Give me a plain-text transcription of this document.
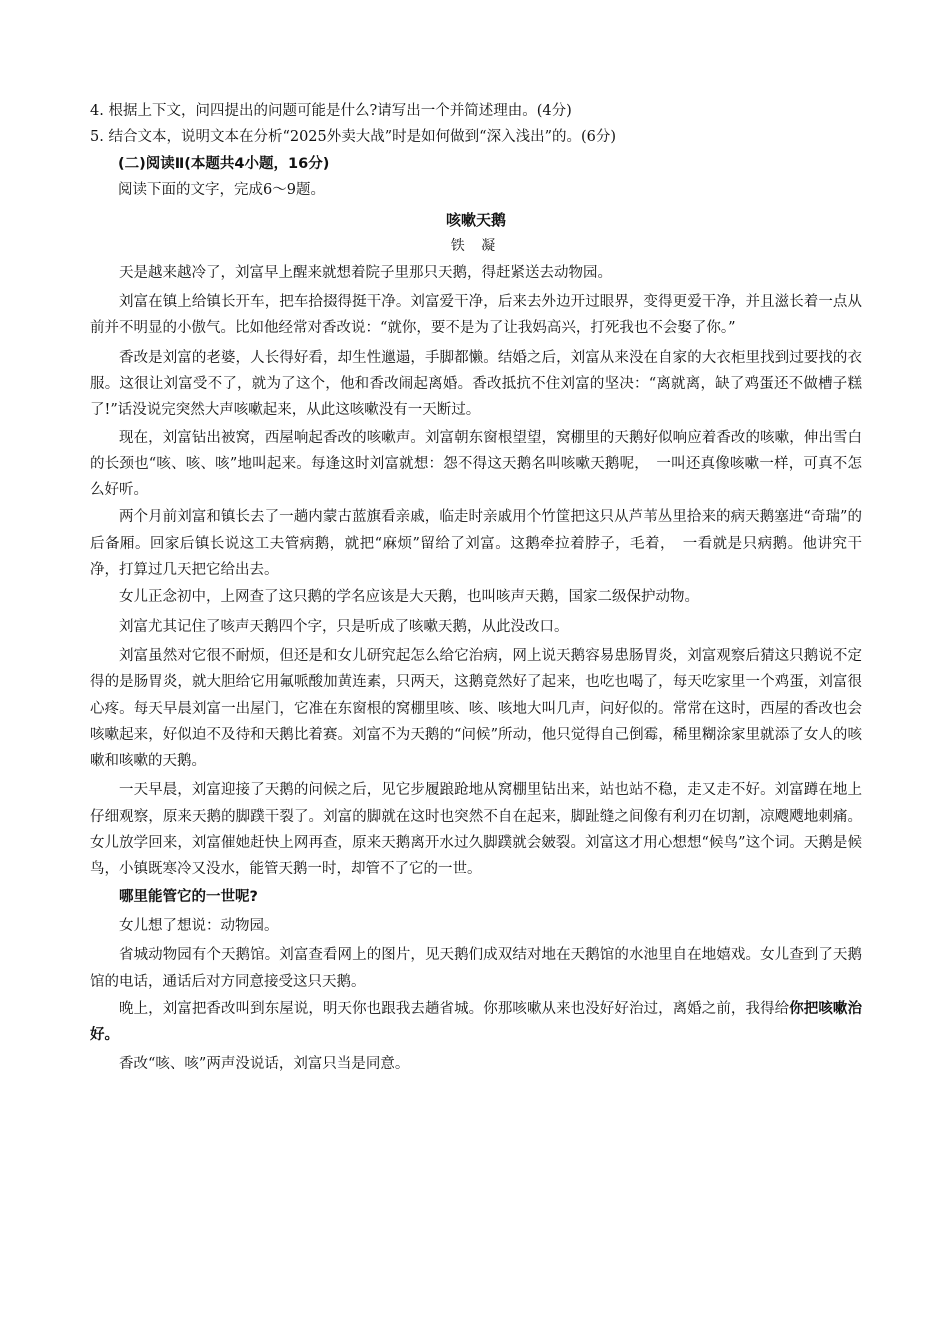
4. 根据上下文，问四提出的问题可能是什么?请写出一个并简述理由。(4分)

5. 结合文本，说明文本在分析“2025外卖大战”时是如何做到“深入浅出”的。(6分)

(二)阅读Ⅱ(本题共4小题，16分)

阅读下面的文字，完成6～9题。

咳嗽天鹅

铁 凝

天是越来越冷了，刘富早上醒来就想着院子里那只天鹅，得赶紧送去动物园。

刘富在镇上给镇长开车，把车拾掇得挺干净。刘富爱干净，后来去外边开过眼界，变得更爱干净，并且滋长着一点从前并不明显的小傲气。比如他经常对香改说：“就你，要不是为了让我妈高兴，打死我也不会娶了你。”

香改是刘富的老婆，人长得好看，却生性邋遢，手脚都懒。结婚之后，刘富从来没在自家的大衣柜里找到过要找的衣服。这很让刘富受不了，就为了这个，他和香改闹起离婚。香改抵抗不住刘富的坚决：“离就离，缺了鸡蛋还不做槽子糕了!”话没说完突然大声咳嗽起来，从此这咳嗽没有一天断过。

现在，刘富钻出被窝，西屋响起香改的咳嗽声。刘富朝东窗根望望，窝棚里的天鹅好似响应着香改的咳嗽，伸出雪白的长颈也“咳、咳、咳”地叫起来。每逢这时刘富就想：怨不得这天鹅名叫咳嗽天鹅呢，　一叫还真像咳嗽一样，可真不怎么好听。

两个月前刘富和镇长去了一趟内蒙古蓝旗看亲戚，临走时亲戚用个竹筐把这只从芦苇丛里拾来的病天鹅塞进“奇瑞”的后备厢。回家后镇长说这工夫管病鹅，就把“麻烦”留给了刘富。这鹅牵拉着脖子，毛着，　一看就是只病鹅。他讲究干净，打算过几天把它给出去。

女儿正念初中，上网查了这只鹅的学名应该是大天鹅，也叫咳声天鹅，国家二级保护动物。

刘富尤其记住了咳声天鹅四个字，只是听成了咳嗽天鹅，从此没改口。

刘富虽然对它很不耐烦，但还是和女儿研究起怎么给它治病，网上说天鹅容易患肠胃炎，刘富观察后猜这只鹅说不定得的是肠胃炎，就大胆给它用氟哌酸加黄连素，只两天，这鹅竟然好了起来，也吃也喝了，每天吃家里一个鸡蛋，刘富很心疼。每天早晨刘富一出屋门，它准在东窗根的窝棚里咳、咳、咳地大叫几声，问好似的。常常在这时，西屋的香改也会咳嗽起来，好似迫不及待和天鹅比着赛。刘富不为天鹅的“问候”所动，他只觉得自己倒霉，稀里糊涂家里就添了女人的咳嗽和咳嗽的天鹅。

一天早晨，刘富迎接了天鹅的问候之后，见它步履踉跄地从窝棚里钻出来，站也站不稳，走又走不好。刘富蹲在地上仔细观察，原来天鹅的脚蹼干裂了。刘富的脚就在这时也突然不自在起来，脚趾缝之间像有利刃在切割，凉飕飕地刺痛。女儿放学回来，刘富催她赶快上网再查，原来天鹅离开水过久脚蹼就会皴裂。刘富这才用心想想“候鸟”这个词。天鹅是候鸟，小镇既寒冷又没水，能管天鹅一时，却管不了它的一世。

哪里能管它的一世呢?

女儿想了想说：动物园。

省城动物园有个天鹅馆。刘富查看网上的图片，见天鹅们成双结对地在天鹅馆的水池里自在地嬉戏。女儿查到了天鹅馆的电话，通话后对方同意接受这只天鹅。

晚上，刘富把香改叫到东屋说，明天你也跟我去趟省城。你那咳嗽从来也没好好治过，离婚之前，我得给你把咳嗽治好。

香改“咳、咳”两声没说话，刘富只当是同意。
